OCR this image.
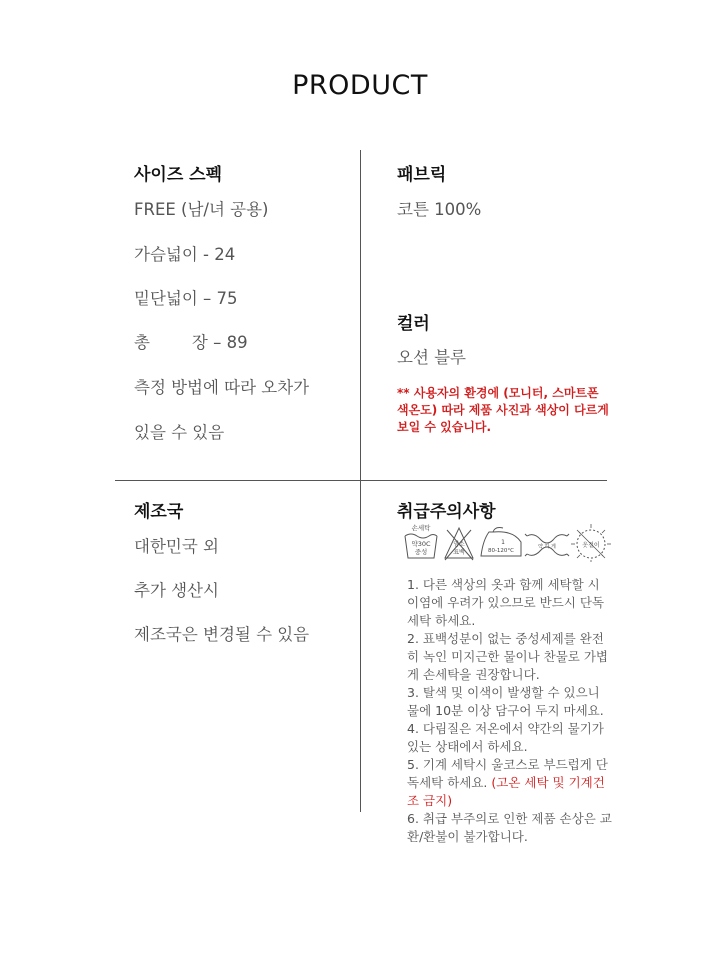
PRODUCT
사이즈 스펙
FREE (남/녀 공용)
가슴넓이 - 24
밑단넓이 – 75
총        장 – 89
측정 방법에 따라 오차가
있을 수 있음
패브릭
코튼 100%
컬러
오션 블루
** 사용자의 환경에 (모니터, 스마트폰 색온도) 따라 제품 사진과 색상이 다르게 보일 수 있습니다.
제조국
대한민국 외
추가 생산시
제조국은 변경될 수 있음
취급주의사항
손세탁
약30C
중성
염소
표백
1
80-120°C
약 하 게	옷걸이
1. 다른 색상의 옷과 함께 세탁할 시 이염에 우려가 있으므로 반드시 단독세탁 하세요.
2. 표백성분이 없는 중성세제를 완전히 녹인 미지근한 물이나 찬물로 가볍게 손세탁을 권장합니다.
3. 탈색 및 이색이 발생할 수 있으니 물에 10분 이상 담구어 두지 마세요.
4. 다림질은 저온에서 약간의 물기가 있는 상태에서 하세요.
5. 기계 세탁시 울코스로 부드럽게 단독세탁 하세요. (고온 세탁 및 기계건조 금지)
6. 취급 부주의로 인한 제품 손상은 교환/환불이 불가합니다.
